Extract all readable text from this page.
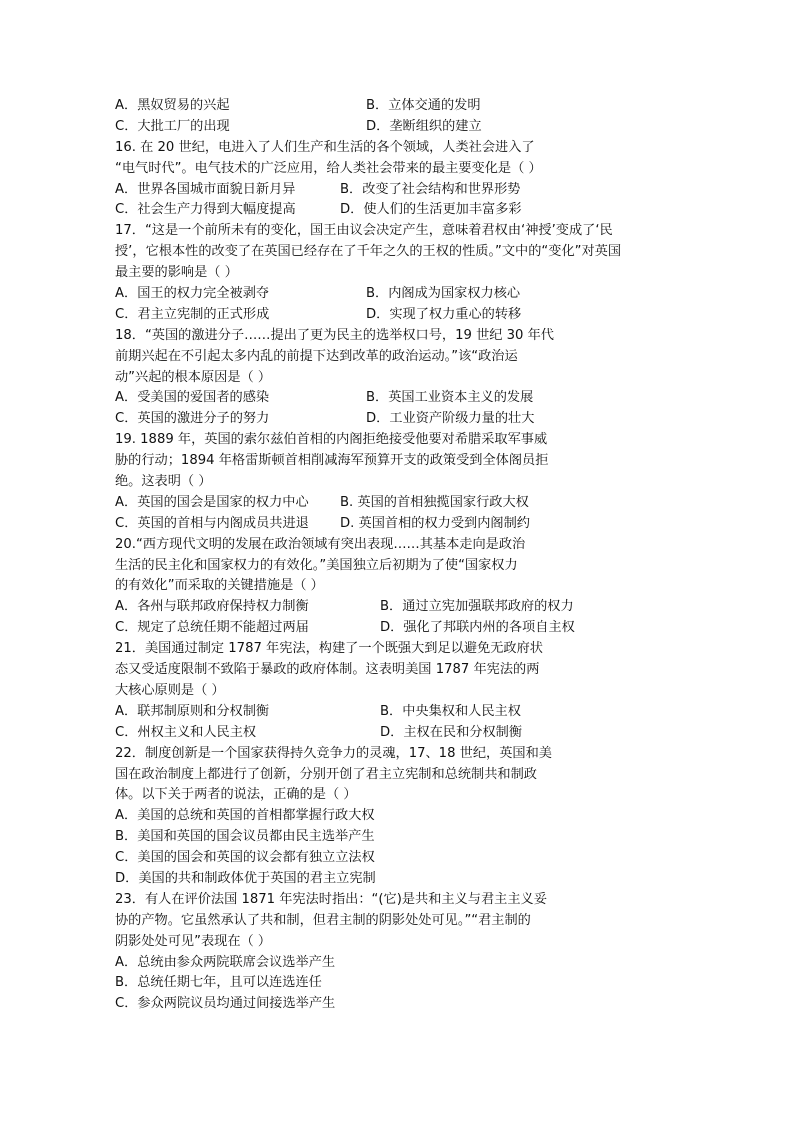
A．黑奴贸易的兴起	B．立体交通的发明
C．大批工厂的出现	D．垄断组织的建立
16. 在 20 世纪，电进入了人们生产和生活的各个领域，人类社会进入了
“电气时代”。电气技术的广泛应用，给人类社会带来的最主要变化是（ ）
A．世界各国城市面貌日新月异	B．改变了社会结构和世界形势
C．社会生产力得到大幅度提高	D．使人们的生活更加丰富多彩
17．“这是一个前所未有的变化，国王由议会决定产生，意味着君权由‘神授’变成了‘民
授’，它根本性的改变了在英国已经存在了千年之久的王权的性质。”文中的“变化”对英国
最主要的影响是（ ）
A．国王的权力完全被剥夺	B．内阁成为国家权力核心
C．君主立宪制的正式形成	D．实现了权力重心的转移
18．“英国的激进分子……提出了更为民主的选举权口号，19 世纪 30 年代
前期兴起在不引起太多内乱的前提下达到改革的政治运动。”该“政治运
动”兴起的根本原因是（ ）
A．受美国的爱国者的感染	B．英国工业资本主义的发展
C．英国的激进分子的努力	D．工业资产阶级力量的壮大
19. 1889 年，英国的索尔兹伯首相的内阁拒绝接受他要对希腊采取军事威
胁的行动；1894 年格雷斯顿首相削减海军预算开支的政策受到全体阁员拒
绝。这表明（ ）
A．英国的国会是国家的权力中心	B. 英国的首相独揽国家行政大权
C．英国的首相与内阁成员共进退	D. 英国首相的权力受到内阁制约
20.“西方现代文明的发展在政治领域有突出表现……其基本走向是政治
生活的民主化和国家权力的有效化。”美国独立后初期为了使“国家权力
的有效化”而采取的关键措施是（ ）
A．各州与联邦政府保持权力制衡	B．通过立宪加强联邦政府的权力
C．规定了总统任期不能超过两届	D．强化了邦联内州的各项自主权
21．美国通过制定 1787 年宪法，构建了一个既强大到足以避免无政府状
态又受适度限制不致陷于暴政的政府体制。这表明美国 1787 年宪法的两
大核心原则是（ ）
A．联邦制原则和分权制衡	B．中央集权和人民主权
C．州权主义和人民主权	D．主权在民和分权制衡
22．制度创新是一个国家获得持久竞争力的灵魂，17、18 世纪，英国和美
国在政治制度上都进行了创新，分别开创了君主立宪制和总统制共和制政
体。以下关于两者的说法，正确的是（ ）
A．美国的总统和英国的首相都掌握行政大权
B．美国和英国的国会议员都由民主选举产生
C．美国的国会和英国的议会都有独立立法权
D．美国的共和制政体优于英国的君主立宪制
23．有人在评价法国 1871 年宪法时指出：“(它)是共和主义与君主主义妥
协的产物。它虽然承认了共和制，但君主制的阴影处处可见。”“君主制的
阴影处处可见”表现在（ ）
A．总统由参众两院联席会议选举产生
B．总统任期七年，且可以连选连任
C．参众两院议员均通过间接选举产生
